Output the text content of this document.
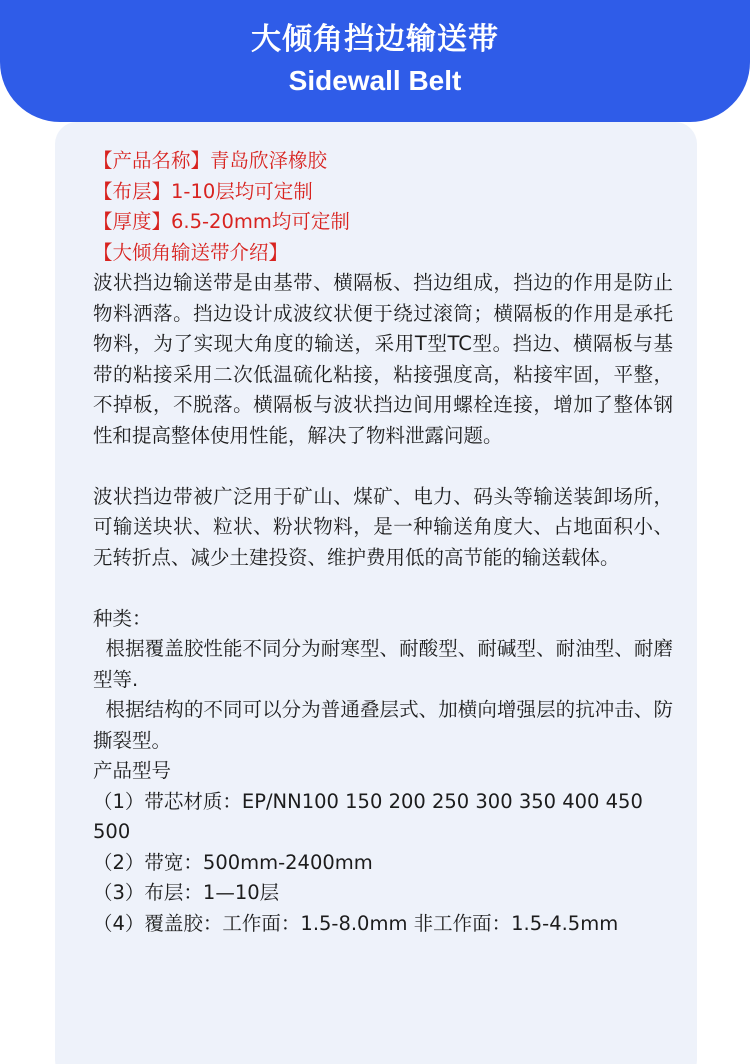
大倾角挡边输送带
Sidewall Belt

【产品名称】青岛欣泽橡胶

【布层】1-10层均可定制

【厚度】6.5-20mm均可定制

【大倾角输送带介绍】

波状挡边输送带是由基带、横隔板、挡边组成，挡边的作用是防止物料洒落。挡边设计成波纹状便于绕过滚筒；横隔板的作用是承托物料，为了实现大角度的输送，采用T型TC型。挡边、横隔板与基带的粘接采用二次低温硫化粘接，粘接强度高，粘接牢固，平整，不掉板，不脱落。横隔板与波状挡边间用螺栓连接，增加了整体钢性和提高整体使用性能，解决了物料泄露问题。

波状挡边带被广泛用于矿山、煤矿、电力、码头等输送装卸场所，可输送块状、粒状、粉状物料，是一种输送角度大、占地面积小、无转折点、减少土建投资、维护费用低的高节能的输送载体。

种类：

根据覆盖胶性能不同分为耐寒型、耐酸型、耐碱型、耐油型、耐磨型等.

根据结构的不同可以分为普通叠层式、加横向增强层的抗冲击、防撕裂型。

产品型号

（1）带芯材质：EP/NN100 150 200 250 300 350 400 450 500

（2）带宽：500mm-2400mm

（3）布层：1—10层

（4）覆盖胶：工作面：1.5-8.0mm 非工作面：1.5-4.5mm
